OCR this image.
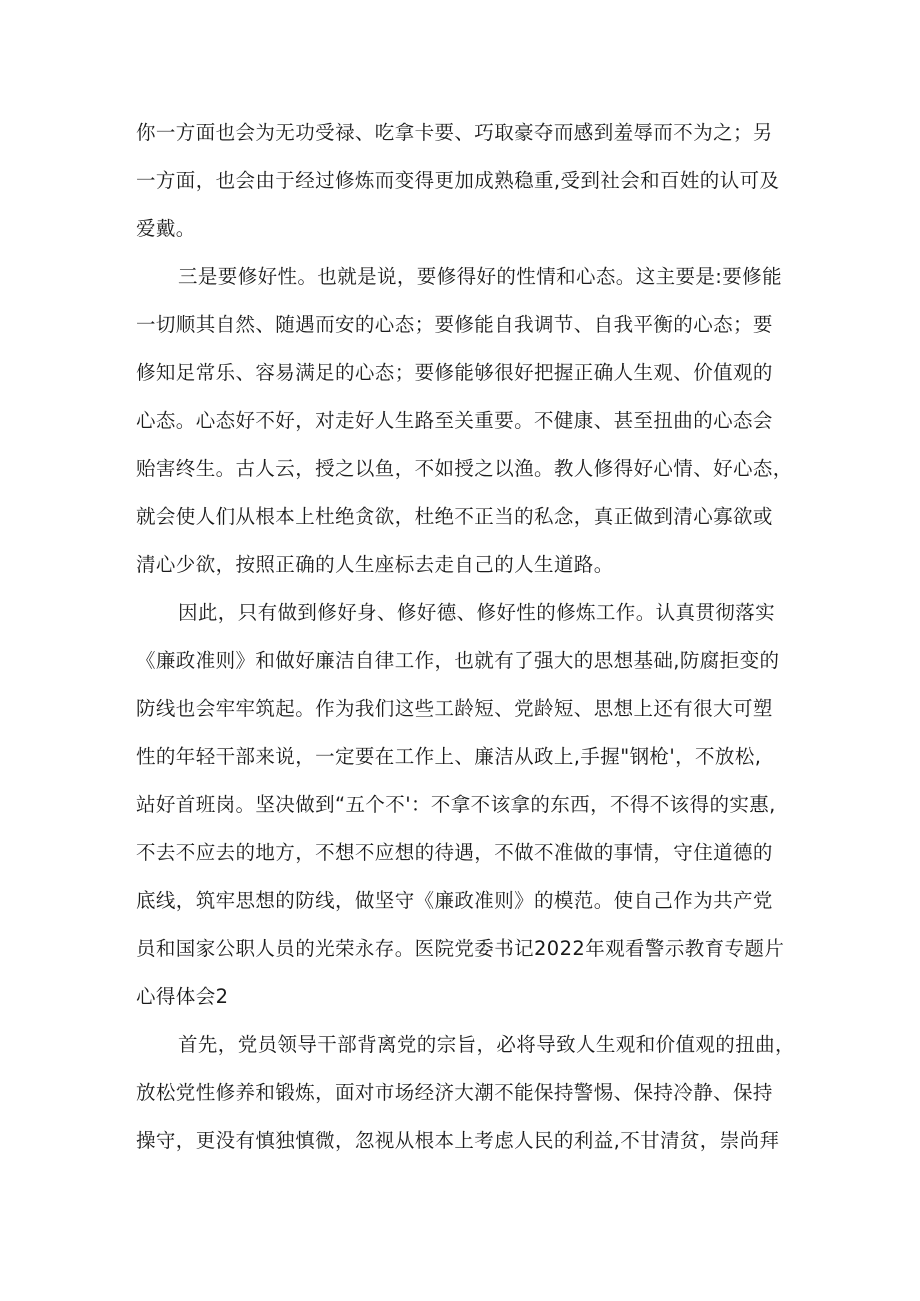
你一方面也会为无功受禄、吃拿卡要、巧取豪夺而感到羞辱而不为之；另
一方面，也会由于经过修炼而变得更加成熟稳重,受到社会和百姓的认可及
爱戴。
三是要修好性。也就是说，要修得好的性情和心态。这主要是:要修能
一切顺其自然、随遇而安的心态；要修能自我调节、自我平衡的心态；要
修知足常乐、容易满足的心态；要修能够很好把握正确人生观、价值观的
心态。心态好不好，对走好人生路至关重要。不健康、甚至扭曲的心态会
贻害终生。古人云，授之以鱼，不如授之以渔。教人修得好心情、好心态，
就会使人们从根本上杜绝贪欲，杜绝不正当的私念，真正做到清心寡欲或
清心少欲，按照正确的人生座标去走自己的人生道路。
因此，只有做到修好身、修好德、修好性的修炼工作。认真贯彻落实
《廉政准则》和做好廉洁自律工作，也就有了强大的思想基础,防腐拒变的
防线也会牢牢筑起。作为我们这些工龄短、党龄短、思想上还有很大可塑
性的年轻干部来说，一定要在工作上、廉洁从政上,手握"钢枪'，不放松,
站好首班岗。坚决做到“五个不'：不拿不该拿的东西，不得不该得的实惠,
不去不应去的地方，不想不应想的待遇，不做不准做的事情，守住道德的
底线，筑牢思想的防线，做坚守《廉政准则》的模范。使自己作为共产党
员和国家公职人员的光荣永存。医院党委书记2022年观看警示教育专题片
心得体会2
首先，党员领导干部背离党的宗旨，必将导致人生观和价值观的扭曲，
放松党性修养和锻炼，面对市场经济大潮不能保持警惕、保持冷静、保持
操守，更没有慎独慎微，忽视从根本上考虑人民的利益,不甘清贫，崇尚拜
